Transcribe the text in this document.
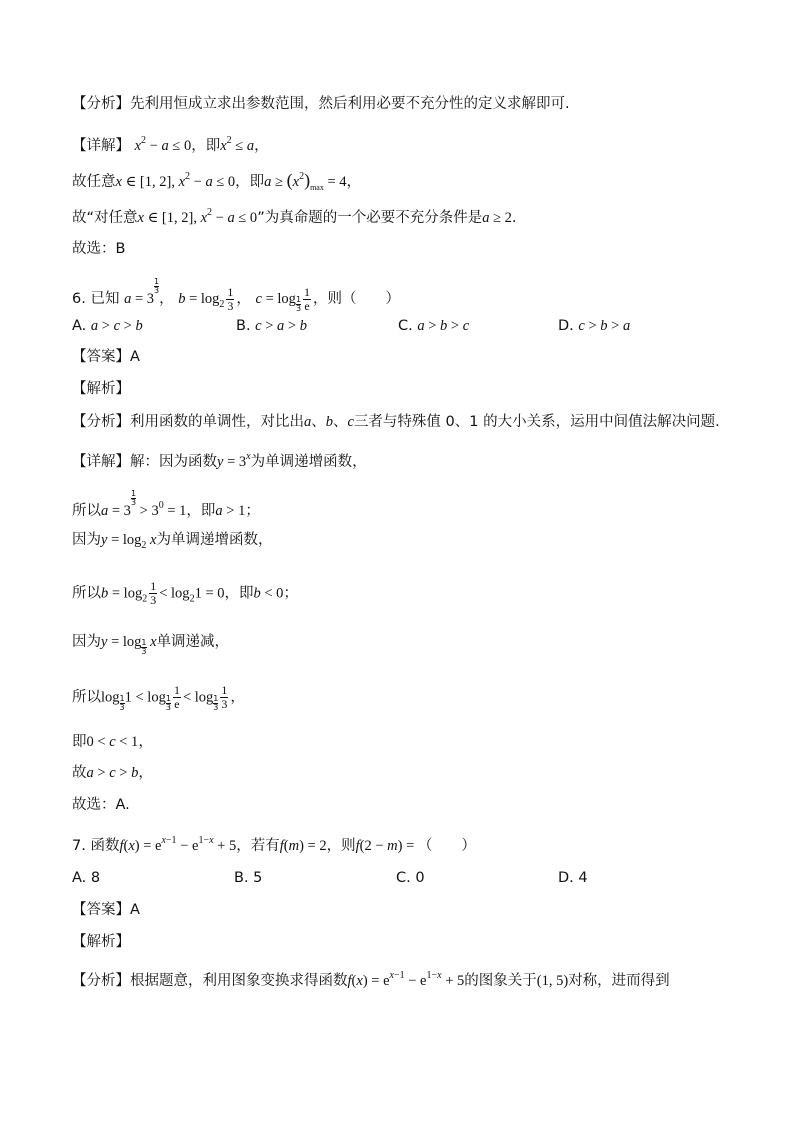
【分析】先利用恒成立求出参数范围，然后利用必要不充分性的定义求解即可.
【详解】 $x^2 - a \le 0$，即$x^2 \le a$，
故任意x ∈ [1, 2], $x^2 - a \le 0$，即$a \ge (x^2)_{max} = 4$，
故“对任意x ∈ [1, 2], $x^2 - a \le 0$”为真命题的一个必要不充分条件是a ≥ 2.
故选：B
6. 已知 a = 3
$\frac{1}{3}$
， $b = \log_2 \frac{1}{3}$ ， $c = \log \frac{1}{3} \frac{1}{e}$ ，则（　　）
A. a > c > b	B. c > a > b	C. a > b > c	D. c > b > a
【答案】A
【解析】
【分析】利用函数的单调性，对比出a、b、c三者与特殊值 0、1 的大小关系，运用中间值法解决问题.
【详解】解：因为函数$y = 3^x$为单调递增函数，
所以a = 3
$\frac{1}{3}$
> $3^0 = 1$，即a > 1；
因为$y = \log_2 x$为单调递增函数，
所以$b = \log_2 \frac{1}{3} < \log_21 = 0$，即b < 0；
因为$y = \log \frac{1}{3}$ x单调递减，
所以$\log \frac{1}{3} 1 < \log \frac{1}{3} \frac{1}{e} < \log \frac{1}{3} \frac{1}{3}$ ，
即0 < c < 1，
故a > c > b，
故选：A.
7. 函数$f(x) = e^{x-1} - e^{1-x} + 5$，若有f(m) = 2，则f(2 − m) = （　　）
A. 8	B. 5	C. 0	D. 4
【答案】A
【解析】
【分析】根据题意，利用图象变换求得函数$f(x) = e^{x-1} - e^{1-x} + 5$的图象关于(1, 5)对称，进而得到
